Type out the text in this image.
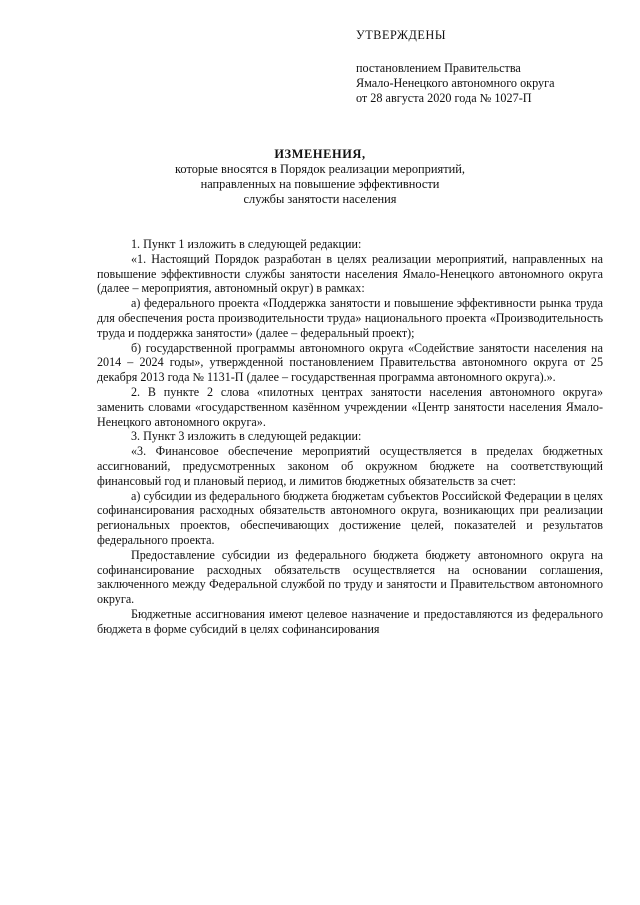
УТВЕРЖДЕНЫ
постановлением Правительства
Ямало-Ненецкого автономного округа
от 28 августа 2020 года № 1027-П
ИЗМЕНЕНИЯ,
которые вносятся в Порядок реализации мероприятий,
направленных на повышение эффективности
службы занятости населения

1. Пункт 1 изложить в следующей редакции:

«1. Настоящий Порядок разработан в целях реализации мероприятий, направленных на повышение эффективности службы занятости населения Ямало-Ненецкого автономного округа (далее – мероприятия, автономный округ) в рамках:

а) федерального проекта «Поддержка занятости и повышение эффективности рынка труда для обеспечения роста производительности труда» национального проекта «Производительность труда и поддержка занятости» (далее – федеральный проект);

б) государственной программы автономного округа «Содействие занятости населения на 2014 – 2024 годы», утвержденной постановлением Правительства автономного округа от 25 декабря 2013 года № 1131-П (далее – государственная программа автономного округа).».

2. В пункте 2 слова «пилотных центрах занятости населения автономного округа» заменить словами «государственном казённом учреждении «Центр занятости населения Ямало-Ненецкого автономного округа».

3. Пункт 3 изложить в следующей редакции:

«3. Финансовое обеспечение мероприятий осуществляется в пределах бюджетных ассигнований, предусмотренных законом об окружном бюджете на соответствующий финансовый год и плановый период, и лимитов бюджетных обязательств за счет:

а) субсидии из федерального бюджета бюджетам субъектов Российской Федерации в целях софинансирования расходных обязательств автономного округа, возникающих при реализации региональных проектов, обеспечивающих достижение целей, показателей и результатов федерального проекта.

Предоставление субсидии из федерального бюджета бюджету автономного округа на софинансирование расходных обязательств осуществляется на основании соглашения, заключенного между Федеральной службой по труду и занятости и Правительством автономного округа.

Бюджетные ассигнования имеют целевое назначение и предоставляются из федерального бюджета в форме субсидий в целях софинансирования
